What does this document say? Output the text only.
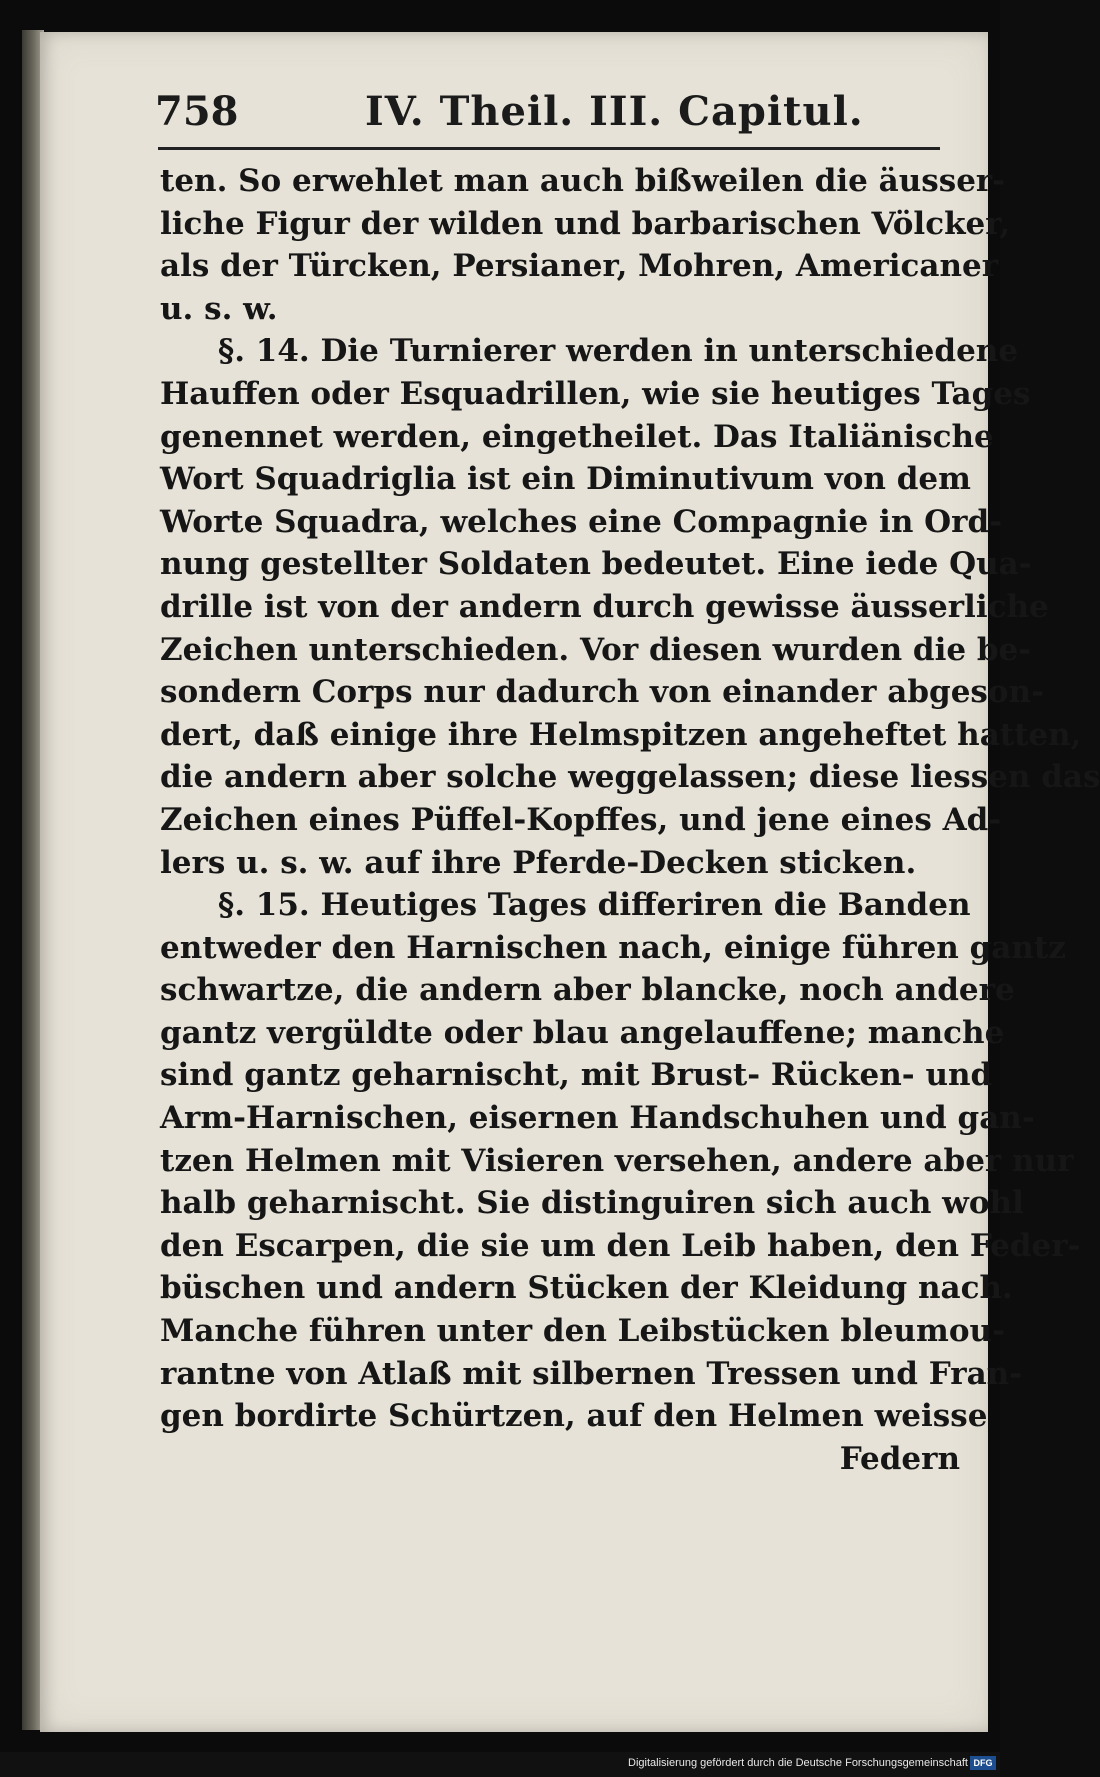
758	IV. Theil. III. Capitul.
ten. So erwehlet man auch bißweilen die äusser-
liche Figur der wilden und barbarischen Völcker,
als der Türcken, Persianer, Mohren, Americaner
u. s. w.
§. 14. Die Turnierer werden in unterschiedene
Hauffen oder Esquadrillen, wie sie heutiges Tages
genennet werden, eingetheilet. Das Italiänische
Wort Squadriglia ist ein Diminutivum von dem
Worte Squadra, welches eine Compagnie in Ord-
nung gestellter Soldaten bedeutet. Eine iede Qua-
drille ist von der andern durch gewisse äusserliche
Zeichen unterschieden. Vor diesen wurden die be-
sondern Corps nur dadurch von einander abgeson-
dert, daß einige ihre Helmspitzen angeheftet hatten,
die andern aber solche weggelassen; diese liessen das
Zeichen eines Püffel-Kopffes, und jene eines Ad-
lers u. s. w. auf ihre Pferde-Decken sticken.
§. 15. Heutiges Tages differiren die Banden
entweder den Harnischen nach, einige führen gantz
schwartze, die andern aber blancke, noch andere
gantz vergüldte oder blau angelauffene; manche
sind gantz geharnischt, mit Brust- Rücken- und
Arm-Harnischen, eisernen Handschuhen und gan-
tzen Helmen mit Visieren versehen, andere aber nur
halb geharnischt. Sie distinguiren sich auch wohl
den Escarpen, die sie um den Leib haben, den Feder-
büschen und andern Stücken der Kleidung nach.
Manche führen unter den Leibstücken bleumou-
rantne von Atlaß mit silbernen Tressen und Fran-
gen bordirte Schürtzen, auf den Helmen weisse
Federn
Digitalisierung gefördert durch die Deutsche Forschungsgemeinschaft DFG
